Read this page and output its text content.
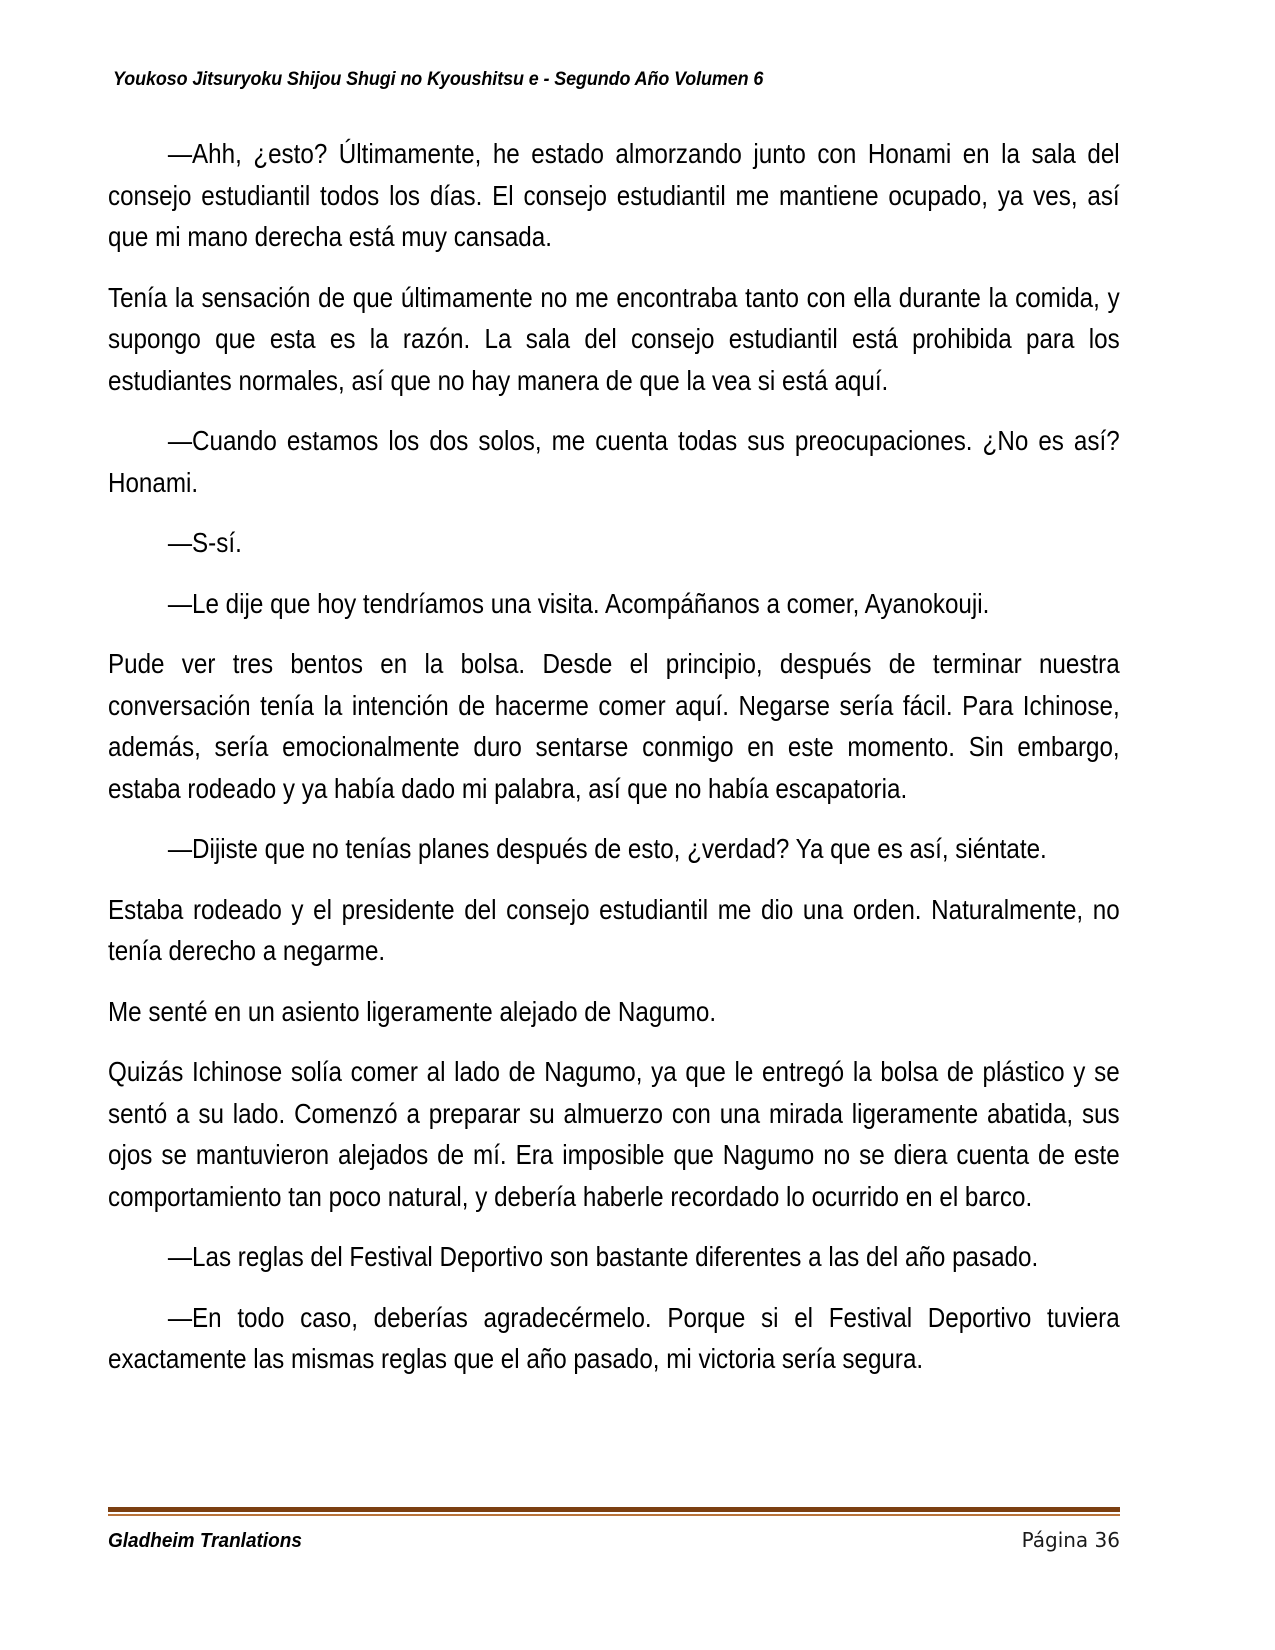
Youkoso Jitsuryoku Shijou Shugi no Kyoushitsu e - Segundo Año Volumen 6

—Ahh, ¿esto? Últimamente, he estado almorzando junto con Honami en la sala del consejo estudiantil todos los días. El consejo estudiantil me mantiene ocupado, ya ves, así que mi mano derecha está muy cansada.

Tenía la sensación de que últimamente no me encontraba tanto con ella durante la comida, y supongo que esta es la razón. La sala del consejo estudiantil está prohibida para los estudiantes normales, así que no hay manera de que la vea si está aquí.

—Cuando estamos los dos solos, me cuenta todas sus preocupaciones. ¿No es así? Honami.

—S-sí.

—Le dije que hoy tendríamos una visita. Acompáñanos a comer, Ayanokouji.

Pude ver tres bentos en la bolsa. Desde el principio, después de terminar nuestra conversación tenía la intención de hacerme comer aquí. Negarse sería fácil. Para Ichinose, además, sería emocionalmente duro sentarse conmigo en este momento. Sin embargo, estaba rodeado y ya había dado mi palabra, así que no había escapatoria.

—Dijiste que no tenías planes después de esto, ¿verdad? Ya que es así, siéntate.

Estaba rodeado y el presidente del consejo estudiantil me dio una orden. Naturalmente, no tenía derecho a negarme.

Me senté en un asiento ligeramente alejado de Nagumo.

Quizás Ichinose solía comer al lado de Nagumo, ya que le entregó la bolsa de plástico y se sentó a su lado. Comenzó a preparar su almuerzo con una mirada ligeramente abatida, sus ojos se mantuvieron alejados de mí. Era imposible que Nagumo no se diera cuenta de este comportamiento tan poco natural, y debería haberle recordado lo ocurrido en el barco.

—Las reglas del Festival Deportivo son bastante diferentes a las del año pasado.

—En todo caso, deberías agradecérmelo. Porque si el Festival Deportivo tuviera exactamente las mismas reglas que el año pasado, mi victoria sería segura.

Gladheim Tranlations	Página 36
